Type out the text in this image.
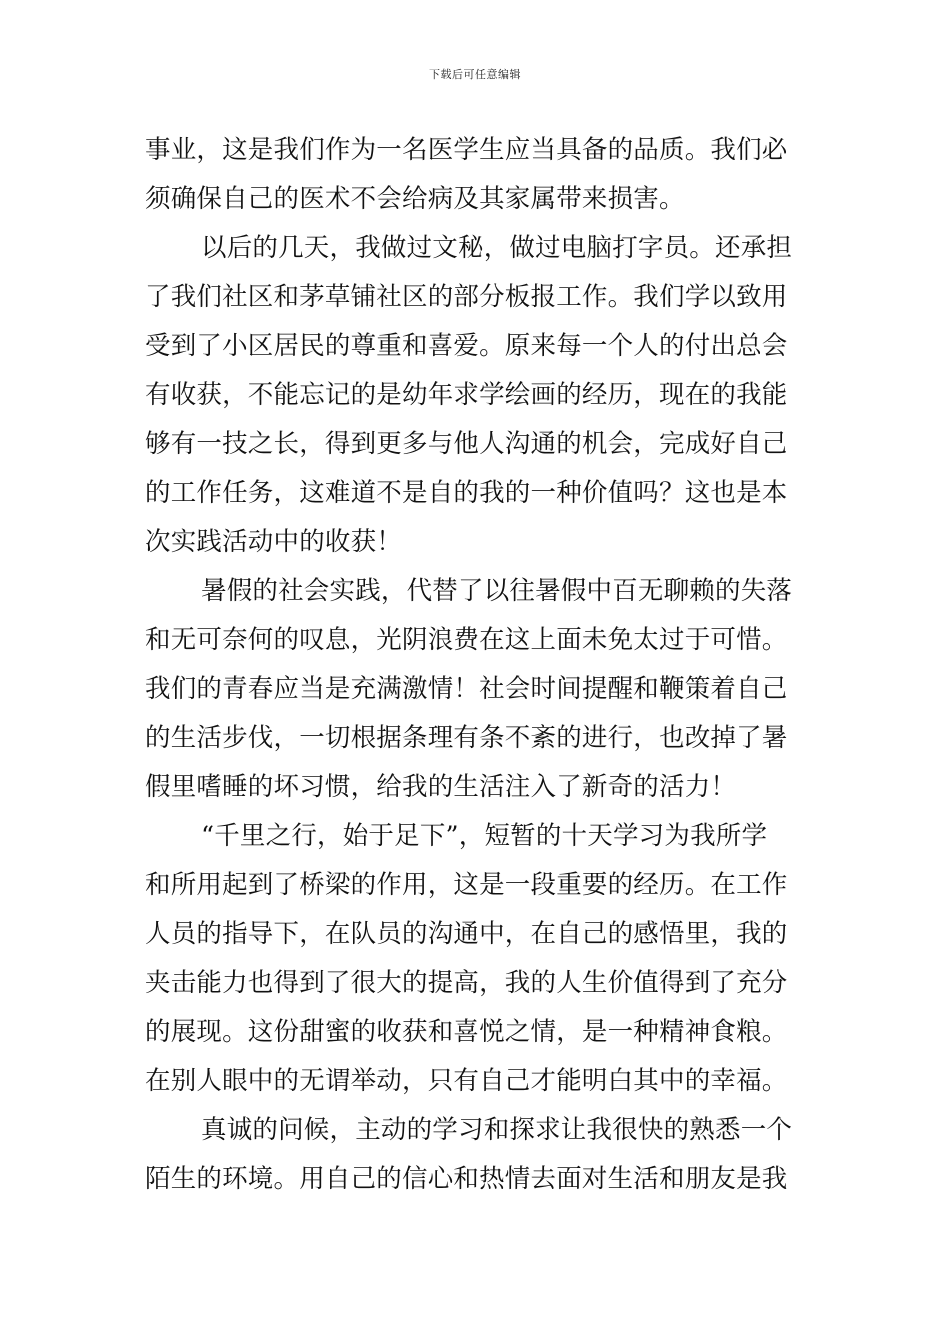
下载后可任意编辑
事业，这是我们作为一名医学生应当具备的品质。我们必
须确保自己的医术不会给病及其家属带来损害。
以后的几天，我做过文秘，做过电脑打字员。还承担
了我们社区和茅草铺社区的部分板报工作。我们学以致用
受到了小区居民的尊重和喜爱。原来每一个人的付出总会
有收获，不能忘记的是幼年求学绘画的经历，现在的我能
够有一技之长，得到更多与他人沟通的机会，完成好自己
的工作任务，这难道不是自的我的一种价值吗？这也是本
次实践活动中的收获！
暑假的社会实践，代替了以往暑假中百无聊赖的失落
和无可奈何的叹息，光阴浪费在这上面未免太过于可惜。
我们的青春应当是充满激情！社会时间提醒和鞭策着自己
的生活步伐，一切根据条理有条不紊的进行，也改掉了暑
假里嗜睡的坏习惯，给我的生活注入了新奇的活力！
“千里之行，始于足下”，短暂的十天学习为我所学
和所用起到了桥梁的作用，这是一段重要的经历。在工作
人员的指导下，在队员的沟通中，在自己的感悟里，我的
夹击能力也得到了很大的提高，我的人生价值得到了充分
的展现。这份甜蜜的收获和喜悦之情，是一种精神食粮。
在别人眼中的无谓举动，只有自己才能明白其中的幸福。
真诚的问候，主动的学习和探求让我很快的熟悉一个
陌生的环境。用自己的信心和热情去面对生活和朋友是我
